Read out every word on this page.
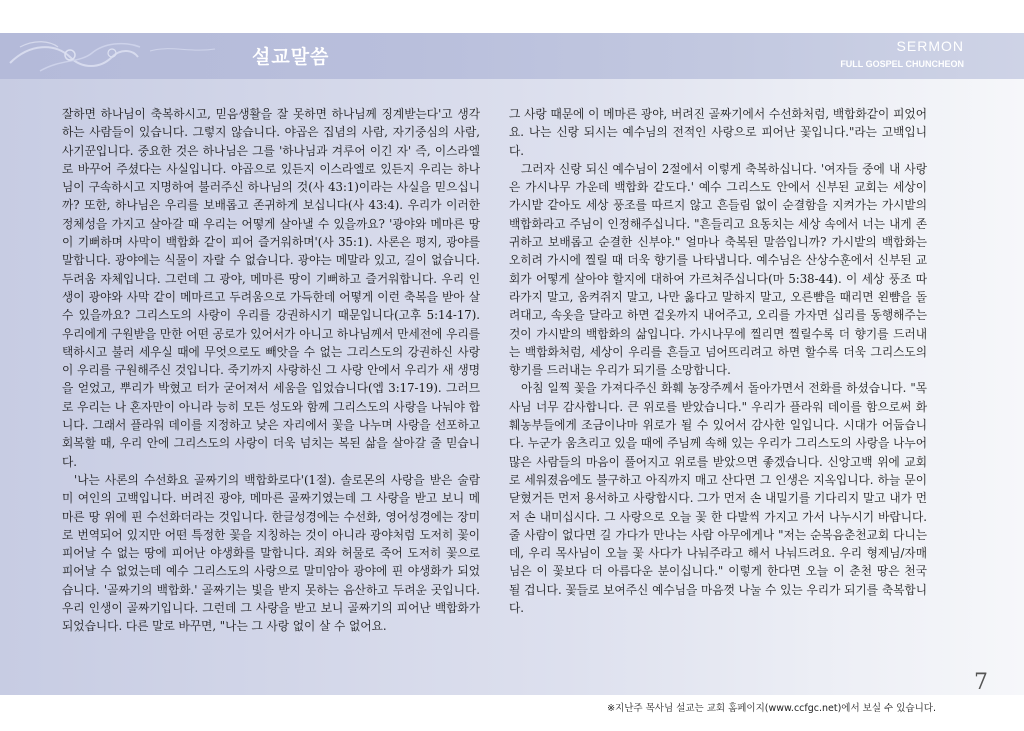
설교말씀	SERMON
FULL GOSPEL CHUNCHEON

잘하면 하나님이 축복하시고, 믿음생활을 잘 못하면 하나님께 징계받는다'고 생각하는 사람들이 있습니다. 그렇지 않습니다. 야곱은 집념의 사람, 자기중심의 사람, 사기꾼입니다. 중요한 것은 하나님은 그를 '하나님과 겨루어 이긴 자' 즉, 이스라엘 로 바꾸어 주셨다는 사실입니다. 야곱으로 있든지 이스라엘로 있든지 우리는 하나님이 구속하시고 지명하여 불러주신 하나님의 것(사 43:1)이라는 사실을 믿으십니까? 또한, 하나님은 우리를 보배롭고 존귀하게 보십니다(사 43:4). 우리가 이러한 정체성을 가지고 살아갈 때 우리는 어떻게 살아낼 수 있을까요? '광야와 메마른 땅이 기뻐하며 사막이 백합화 같이 피어 즐거워하며'(사 35:1). 사론은 평지, 광야를 말합니다. 광야에는 식물이 자랄 수 없습니다. 광야는 메말라 있고, 길이 없습니다. 두려움 자체입니다. 그런데 그 광야, 메마른 땅이 기뻐하고 즐거워합니다. 우리 인생이 광야와 사막 같이 메마르고 두려움으로 가득한데 어떻게 이런 축복을 받아 살 수 있을까요? 그리스도의 사랑이 우리를 강권하시기 때문입니다(고후 5:14-17). 우리에게 구원받을 만한 어떤 공로가 있어서가 아니고 하나님께서 만세전에 우리를 택하시고 불러 세우실 때에 무엇으로도 빼앗을 수 없는 그리스도의 강권하신 사랑이 우리를 구원해주신 것입니다. 죽기까지 사랑하신 그 사랑 안에서 우리가 새 생명을 얻었고, 뿌리가 박혔고 터가 굳어져서 세움을 입었습니다(엡 3:17-19). 그러므로 우리는 나 혼자만이 아니라 능히 모든 성도와 함께 그리스도의 사랑을 나눠야 합니다. 그래서 플라워 데이를 지정하고 낮은 자리에서 꽃을 나누며 사랑을 선포하고 회복할 때, 우리 안에 그리스도의 사랑이 더욱 넘치는 복된 삶을 살아갈 줄 믿습니다.

'나는 사론의 수선화요 골짜기의 백합화로다'(1절). 솔로몬의 사랑을 받은 술람미 여인의 고백입니다. 버려진 광야, 메마른 골짜기였는데 그 사랑을 받고 보니 메마른 땅 위에 핀 수선화더라는 것입니다. 한글성경에는 수선화, 영어성경에는 장미로 번역되어 있지만 어떤 특정한 꽃을 지칭하는 것이 아니라 광야처럼 도저히 꽃이 피어날 수 없는 땅에 피어난 야생화를 말합니다. 죄와 허물로 죽어 도저히 꽃으로 피어날 수 없었는데 예수 그리스도의 사랑으로 말미암아 광야에 핀 야생화가 되었습니다. '골짜기의 백합화.' 골짜기는 빛을 받지 못하는 음산하고 두려운 곳입니다. 우리 인생이 골짜기입니다. 그런데 그 사랑을 받고 보니 골짜기의 피어난 백합화가 되었습니다. 다른 말로 바꾸면, "나는 그 사랑 없이 살 수 없어요.

그 사랑 때문에 이 메마른 광야, 버려진 골짜기에서 수선화처럼, 백합화같이 피었어요. 나는 신랑 되시는 예수님의 전적인 사랑으로 피어난 꽃입니다."라는 고백입니다.

그러자 신랑 되신 예수님이 2절에서 이렇게 축복하십니다. '여자들 중에 내 사랑은 가시나무 가운데 백합화 같도다.' 예수 그리스도 안에서 신부된 교회는 세상이 가시밭 같아도 세상 풍조를 따르지 않고 흔들림 없이 순결함을 지켜가는 가시밭의 백합화라고 주님이 인정해주십니다. "흔들리고 요동치는 세상 속에서 너는 내게 존귀하고 보배롭고 순결한 신부야." 얼마나 축복된 말씀입니까? 가시밭의 백합화는 오히려 가시에 찔릴 때 더욱 향기를 나타냅니다. 예수님은 산상수훈에서 신부된 교회가 어떻게 살아야 할지에 대하여 가르쳐주십니다(마 5:38-44). 이 세상 풍조 따라가지 말고, 움켜쥐지 말고, 나만 옳다고 말하지 말고, 오른뺨을 때리면 왼뺨을 돌려대고, 속옷을 달라고 하면 겉옷까지 내어주고, 오리를 가자면 십리를 동행해주는 것이 가시밭의 백합화의 삶입니다. 가시나무에 찔리면 찔릴수록 더 향기를 드러내는 백합화처럼, 세상이 우리를 흔들고 넘어뜨리려고 하면 할수록 더욱 그리스도의 향기를 드러내는 우리가 되기를 소망합니다.

아침 일찍 꽃을 가져다주신 화훼 농장주께서 돌아가면서 전화를 하셨습니다. "목사님 너무 감사합니다. 큰 위로를 받았습니다." 우리가 플라워 데이를 함으로써 화훼농부들에게 조금이나마 위로가 될 수 있어서 감사한 일입니다. 시대가 어둡습니다. 누군가 움츠리고 있을 때에 주님께 속해 있는 우리가 그리스도의 사랑을 나누어 많은 사람들의 마음이 풀어지고 위로를 받았으면 좋겠습니다. 신앙고백 위에 교회로 세워졌음에도 불구하고 아직까지 매고 산다면 그 인생은 지옥입니다. 하늘 문이 닫혔거든 먼저 용서하고 사랑합시다. 그가 먼저 손 내밀기를 기다리지 말고 내가 먼저 손 내미십시다. 그 사랑으로 오늘 꽃 한 다발씩 가지고 가서 나누시기 바랍니다. 줄 사람이 없다면 길 가다가 만나는 사람 아무에게나 "저는 순복음춘천교회 다니는데, 우리 목사님이 오늘 꽃 사다가 나눠주라고 해서 나눠드려요. 우리 형제님/자매님은 이 꽃보다 더 아름다운 분이십니다." 이렇게 한다면 오늘 이 춘천 땅은 천국 될 겁니다. 꽃들로 보여주신 예수님을 마음껏 나눌 수 있는 우리가 되기를 축복합니다.

7
※지난주 목사님 설교는 교회 홈페이지(www.ccfgc.net)에서 보실 수 있습니다.
